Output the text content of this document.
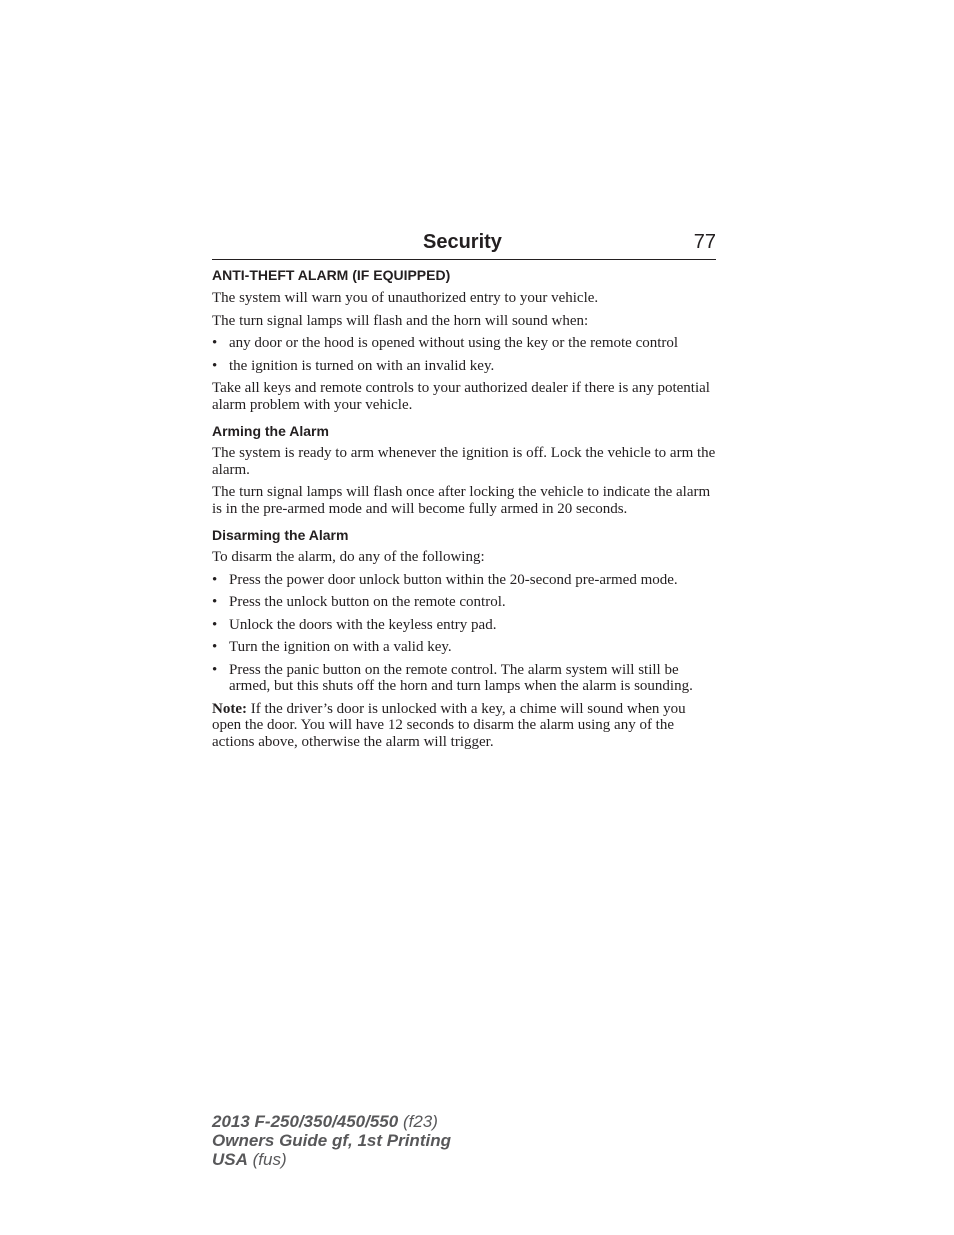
Security	77
ANTI-THEFT ALARM (IF EQUIPPED)

The system will warn you of unauthorized entry to your vehicle.

The turn signal lamps will flash and the horn will sound when:

• any door or the hood is opened without using the key or the remote control
• the ignition is turned on with an invalid key.

Take all keys and remote controls to your authorized dealer if there is any potential alarm problem with your vehicle.

Arming the Alarm

The system is ready to arm whenever the ignition is off. Lock the vehicle to arm the alarm.

The turn signal lamps will flash once after locking the vehicle to indicate the alarm is in the pre-armed mode and will become fully armed in 20 seconds.

Disarming the Alarm

To disarm the alarm, do any of the following:

• Press the power door unlock button within the 20-second pre-armed mode.
• Press the unlock button on the remote control.
• Unlock the doors with the keyless entry pad.
• Turn the ignition on with a valid key.
• Press the panic button on the remote control. The alarm system will still be armed, but this shuts off the horn and turn lamps when the alarm is sounding.

Note: If the driver’s door is unlocked with a key, a chime will sound when you open the door. You will have 12 seconds to disarm the alarm using any of the actions above, otherwise the alarm will trigger.

2013 F-250/350/450/550 (f23)
Owners Guide gf, 1st Printing
USA (fus)
